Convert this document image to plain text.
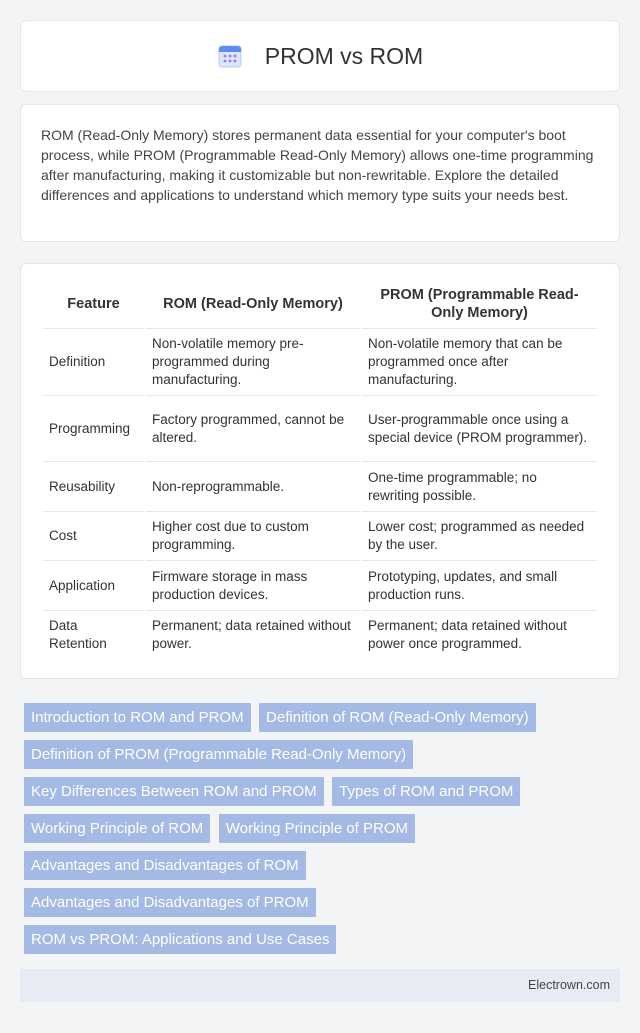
PROM vs ROM

ROM (Read-Only Memory) stores permanent data essential for your computer's boot process, while PROM (Programmable Read-Only Memory) allows one-time programming after manufacturing, making it customizable but non-rewritable. Explore the detailed differences and applications to understand which memory type suits your needs best.

Feature	ROM (Read-Only Memory)	PROM (Programmable Read-Only Memory)
Definition	Non-volatile memory pre-programmed during manufacturing.	Non-volatile memory that can be programmed once after manufacturing.
Programming	Factory programmed, cannot be altered.	User-programmable once using a special device (PROM programmer).
Reusability	Non-reprogrammable.	One-time programmable; no rewriting possible.
Cost	Higher cost due to custom programming.	Lower cost; programmed as needed by the user.
Application	Firmware storage in mass production devices.	Prototyping, updates, and small production runs.
Data Retention	Permanent; data retained without power.	Permanent; data retained without power once programmed.
Introduction to ROM and PROM Definition of ROM (Read-Only Memory) Definition of PROM (Programmable Read-Only Memory) Key Differences Between ROM and PROM Types of ROM and PROM Working Principle of ROM Working Principle of PROM
Advantages and Disadvantages of ROM
Advantages and Disadvantages of PROM
ROM vs PROM: Applications and Use Cases
Electrown.com
